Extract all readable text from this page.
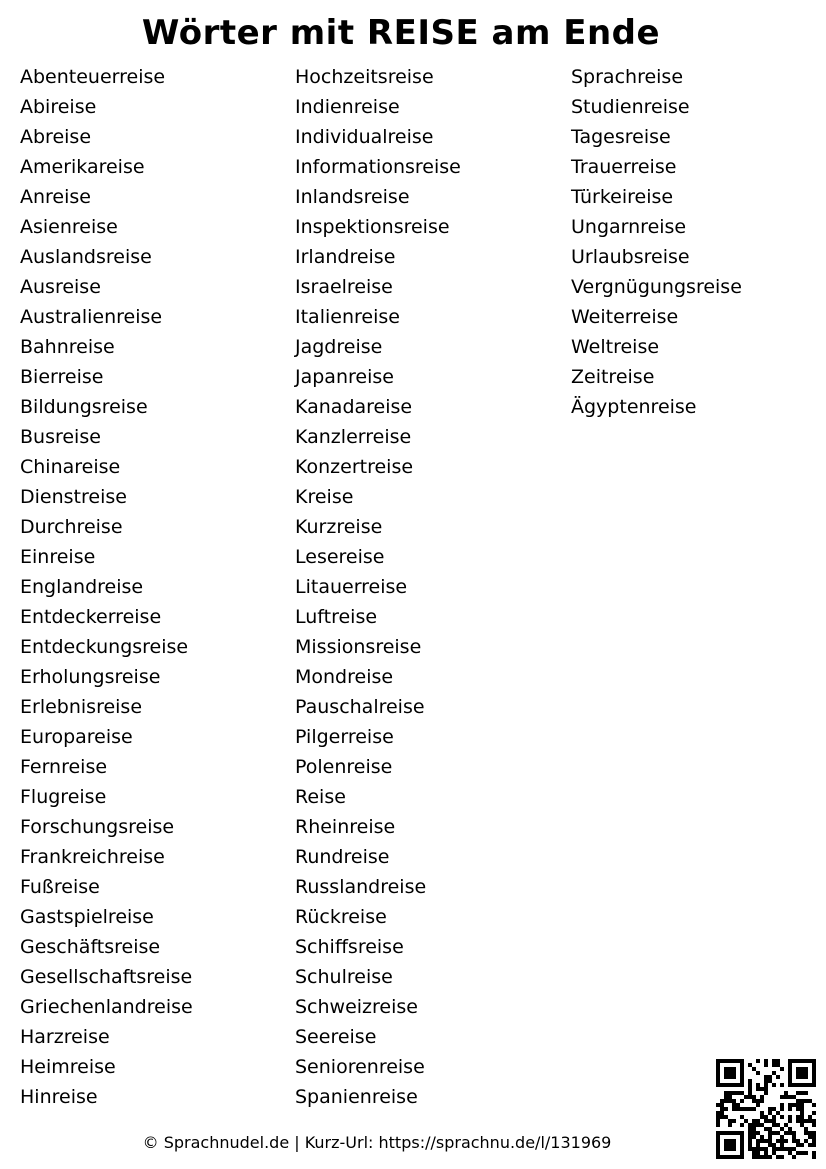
Wörter mit REISE am Ende
Abenteuerreise
Abireise
Abreise
Amerikareise
Anreise
Asienreise
Auslandsreise
Ausreise
Australienreise
Bahnreise
Bierreise
Bildungsreise
Busreise
Chinareise
Dienstreise
Durchreise
Einreise
Englandreise
Entdeckerreise
Entdeckungsreise
Erholungsreise
Erlebnisreise
Europareise
Fernreise
Flugreise
Forschungsreise
Frankreichreise
Fußreise
Gastspielreise
Geschäftsreise
Gesellschaftsreise
Griechenlandreise
Harzreise
Heimreise
Hinreise
Hochzeitsreise
Indienreise
Individualreise
Informationsreise
Inlandsreise
Inspektionsreise
Irlandreise
Israelreise
Italienreise
Jagdreise
Japanreise
Kanadareise
Kanzlerreise
Konzertreise
Kreise
Kurzreise
Lesereise
Litauerreise
Luftreise
Missionsreise
Mondreise
Pauschalreise
Pilgerreise
Polenreise
Reise
Rheinreise
Rundreise
Russlandreise
Rückreise
Schiffsreise
Schulreise
Schweizreise
Seereise
Seniorenreise
Spanienreise
Sprachreise
Studienreise
Tagesreise
Trauerreise
Türkeireise
Ungarnreise
Urlaubsreise
Vergnügungsreise
Weiterreise
Weltreise
Zeitreise
Ägyptenreise
© Sprachnudel.de | Kurz-Url: https://sprachnu.de/l/131969
